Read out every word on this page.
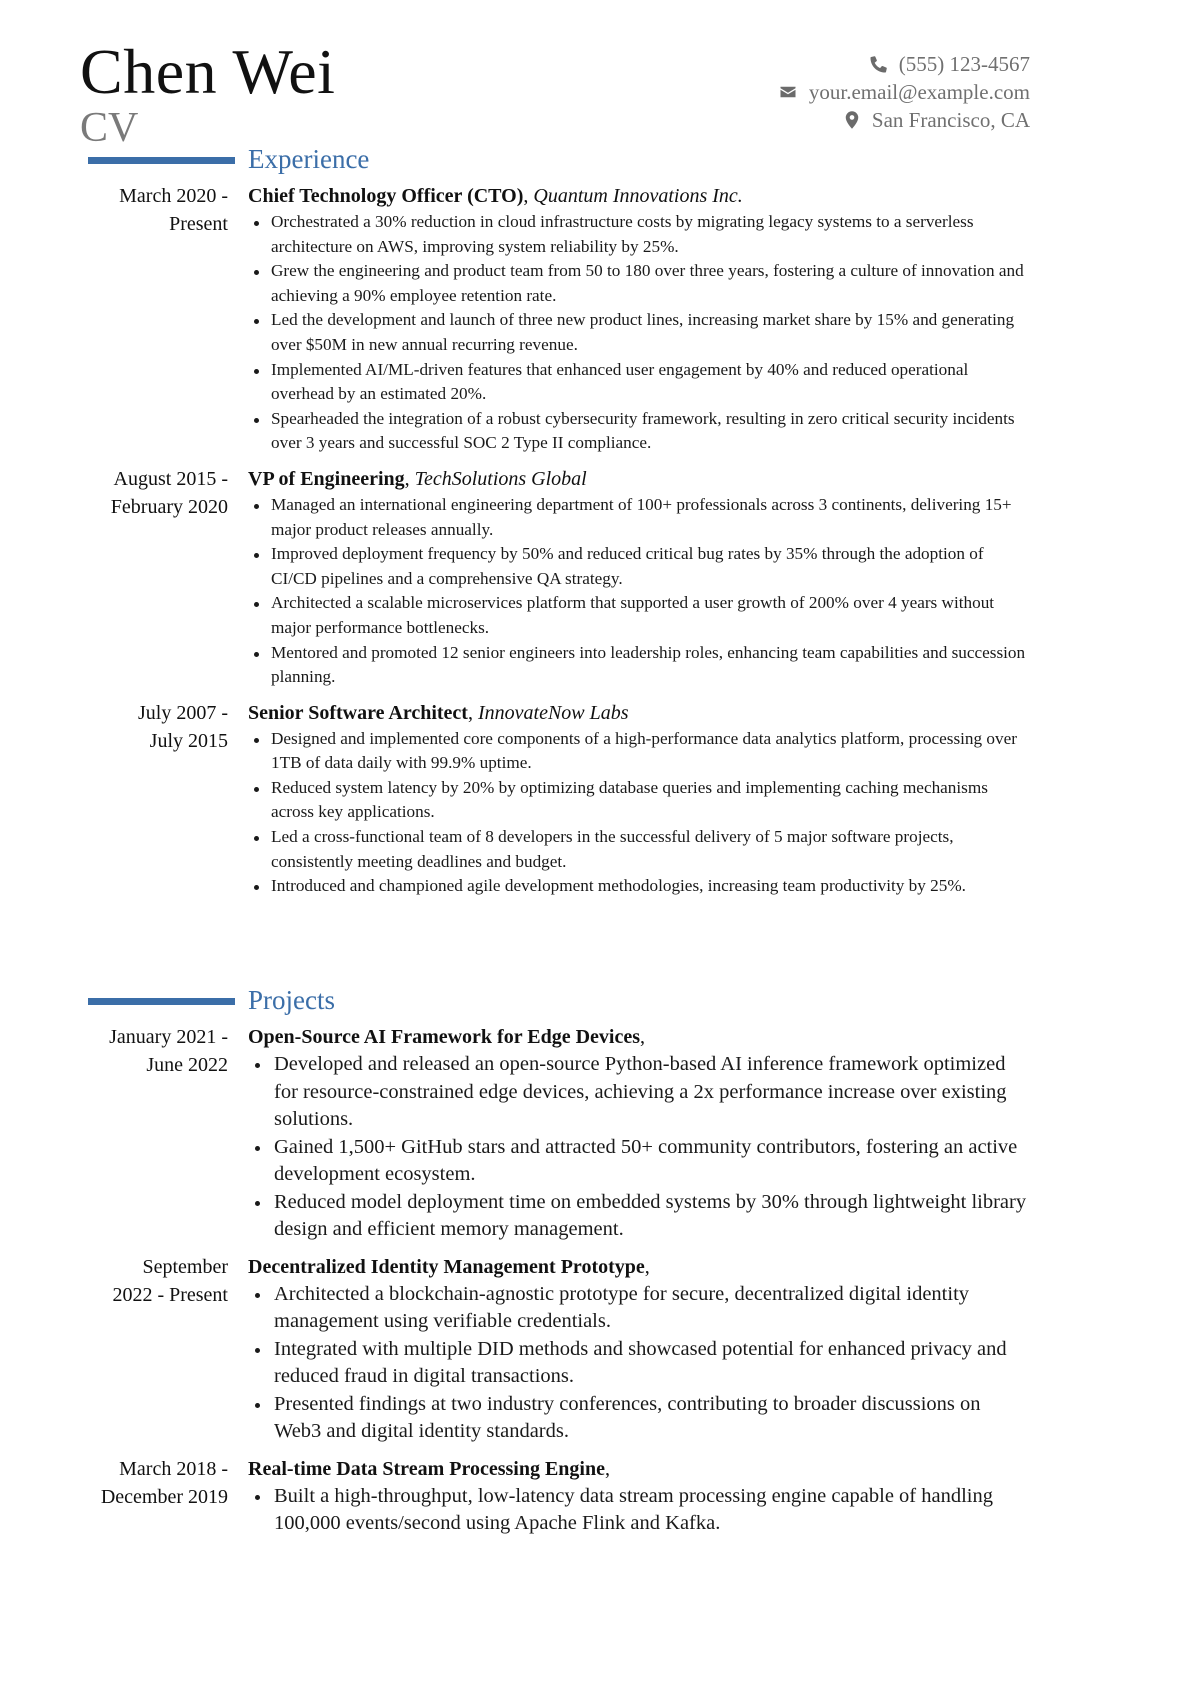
Chen Wei
CV
(555) 123-4567
your.email@example.com
San Francisco, CA
Experience
March 2020 -
Present
Chief Technology Officer (CTO), Quantum Innovations Inc.
Orchestrated a 30% reduction in cloud infrastructure costs by migrating legacy systems to a serverless architecture on AWS, improving system reliability by 25%.
Grew the engineering and product team from 50 to 180 over three years, fostering a culture of innovation and achieving a 90% employee retention rate.
Led the development and launch of three new product lines, increasing market share by 15% and generating over $50M in new annual recurring revenue.
Implemented AI/ML-driven features that enhanced user engagement by 40% and reduced operational overhead by an estimated 20%.
Spearheaded the integration of a robust cybersecurity framework, resulting in zero critical security incidents over 3 years and successful SOC 2 Type II compliance.
August 2015 -
February 2020
VP of Engineering, TechSolutions Global
Managed an international engineering department of 100+ professionals across 3 continents, delivering 15+ major product releases annually.
Improved deployment frequency by 50% and reduced critical bug rates by 35% through the adoption of CI/CD pipelines and a comprehensive QA strategy.
Architected a scalable microservices platform that supported a user growth of 200% over 4 years without major performance bottlenecks.
Mentored and promoted 12 senior engineers into leadership roles, enhancing team capabilities and succession planning.
July 2007 -
July 2015
Senior Software Architect, InnovateNow Labs
Designed and implemented core components of a high-performance data analytics platform, processing over 1TB of data daily with 99.9% uptime.
Reduced system latency by 20% by optimizing database queries and implementing caching mechanisms across key applications.
Led a cross-functional team of 8 developers in the successful delivery of 5 major software projects, consistently meeting deadlines and budget.
Introduced and championed agile development methodologies, increasing team productivity by 25%.
Projects
January 2021 -
June 2022
Open-Source AI Framework for Edge Devices,
Developed and released an open-source Python-based AI inference framework optimized for resource-constrained edge devices, achieving a 2x performance increase over existing solutions.
Gained 1,500+ GitHub stars and attracted 50+ community contributors, fostering an active development ecosystem.
Reduced model deployment time on embedded systems by 30% through lightweight library design and efficient memory management.
September
2022 - Present
Decentralized Identity Management Prototype,
Architected a blockchain-agnostic prototype for secure, decentralized digital identity management using verifiable credentials.
Integrated with multiple DID methods and showcased potential for enhanced privacy and reduced fraud in digital transactions.
Presented findings at two industry conferences, contributing to broader discussions on Web3 and digital identity standards.
March 2018 -
December 2019
Real-time Data Stream Processing Engine,
Built a high-throughput, low-latency data stream processing engine capable of handling 100,000 events/second using Apache Flink and Kafka.
